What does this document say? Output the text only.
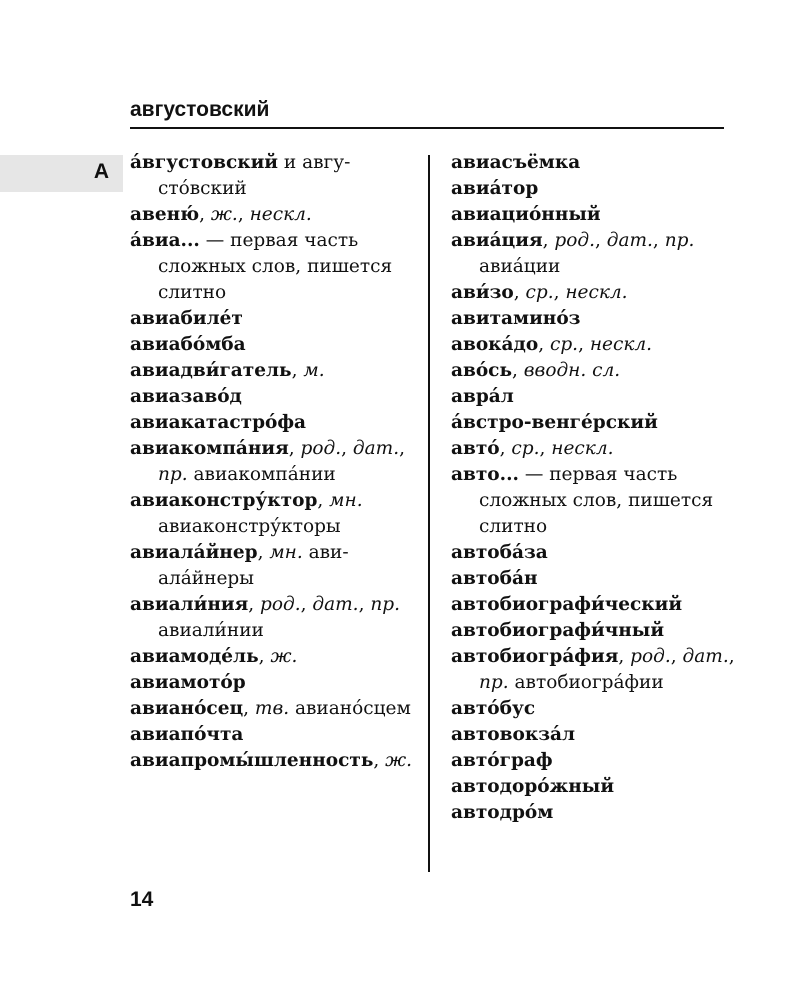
августовский
А а́вгустовский и августо́вский
авеню́, ж., нескл.
а́виа... — первая часть сложных слов, пишется слитно
авиабиле́т
авиабо́мба
авиадви́гатель, м.
авиазаво́д
авиакатастро́фа
авиакомпа́ния, род., дат., пр. авиакомпа́нии
авиаконстру́ктор, мн. авиаконстру́кторы
авиала́йнер, мн. авиала́йнеры
авиали́ния, род., дат., пр. авиали́нии
авиамоде́ль, ж.
авиамото́р
авиано́сец, тв. авиано́сцем
авиапо́чта
авиапромы́шленность, ж.
авиасъёмка
авиа́тор
авиацио́нный
авиа́ция, род., дат., пр. авиа́ции
ави́зо, ср., нескл.
авитамино́з
авока́до, ср., нескл.
аво́сь, вводн. сл.
авра́л
а́встро-венге́рский
авто́, ср., нескл.
авто... — первая часть сложных слов, пишется слитно
автоба́за
автоба́н
автобиографи́ческий
автобиографи́чный
автобиогра́фия, род., дат., пр. автобиогра́фии
авто́бус
автовокза́л
авто́граф
автодоро́жный
автодро́м
14
